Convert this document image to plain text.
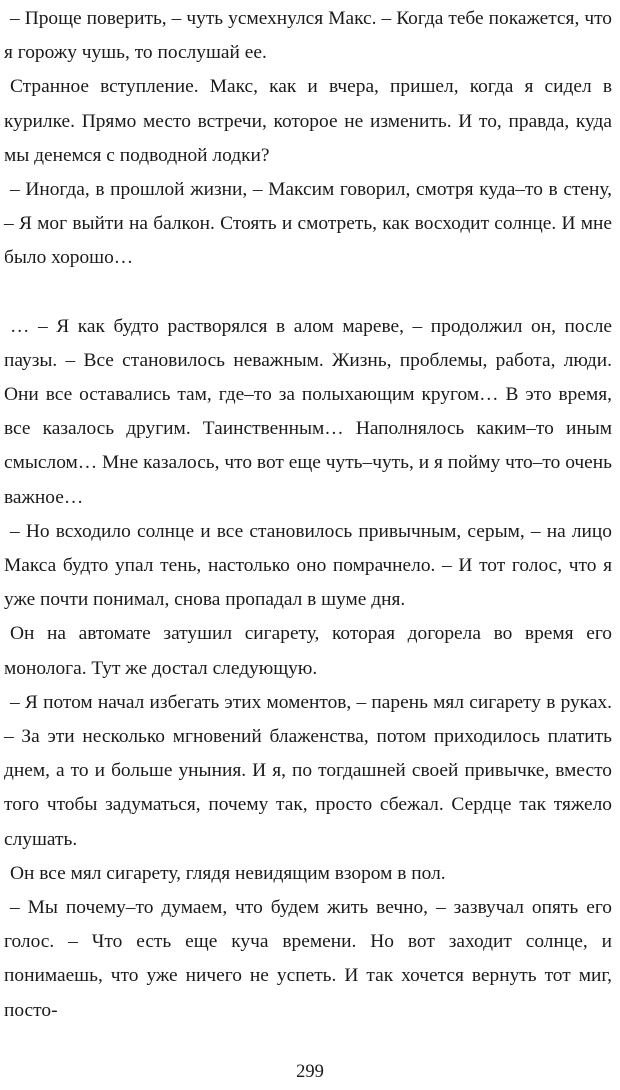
– Проще поверить, – чуть усмехнулся Макс. – Когда тебе покажется, что я горожу чушь, то послушай ее.

Странное вступление. Макс, как и вчера, пришел, когда я сидел в курилке. Прямо место встречи, которое не изменить. И то, правда, куда мы денемся с подводной лодки?

– Иногда, в прошлой жизни, – Максим говорил, смотря куда–то в стену, – Я мог выйти на балкон. Стоять и смотреть, как восходит солнце. И мне было хорошо…

… – Я как будто растворялся в алом мареве, – продолжил он, после паузы. – Все становилось неважным. Жизнь, проблемы, работа, люди. Они все оставались там, где–то за полыхающим кругом… В это время, все казалось другим. Таинственным… Наполнялось каким–то иным смыслом… Мне казалось, что вот еще чуть–чуть, и я пойму что–то очень важное…

– Но всходило солнце и все становилось привычным, серым, – на лицо Макса будто упал тень, настолько оно помрачнело. – И тот голос, что я уже почти понимал, снова пропадал в шуме дня.

Он на автомате затушил сигарету, которая догорела во время его монолога. Тут же достал следующую.

– Я потом начал избегать этих моментов, – парень мял сигарету в руках. – За эти несколько мгновений блаженства, потом приходилось платить днем, а то и больше уныния. И я, по тогдашней своей привычке, вместо того чтобы задуматься, почему так, просто сбежал. Сердце так тяжело слушать.

Он все мял сигарету, глядя невидящим взором в пол.

– Мы почему–то думаем, что будем жить вечно, – зазвучал опять его голос. – Что есть еще куча времени. Но вот заходит солнце, и понимаешь, что уже ничего не успеть. И так хочется вернуть тот миг, посто-

299
